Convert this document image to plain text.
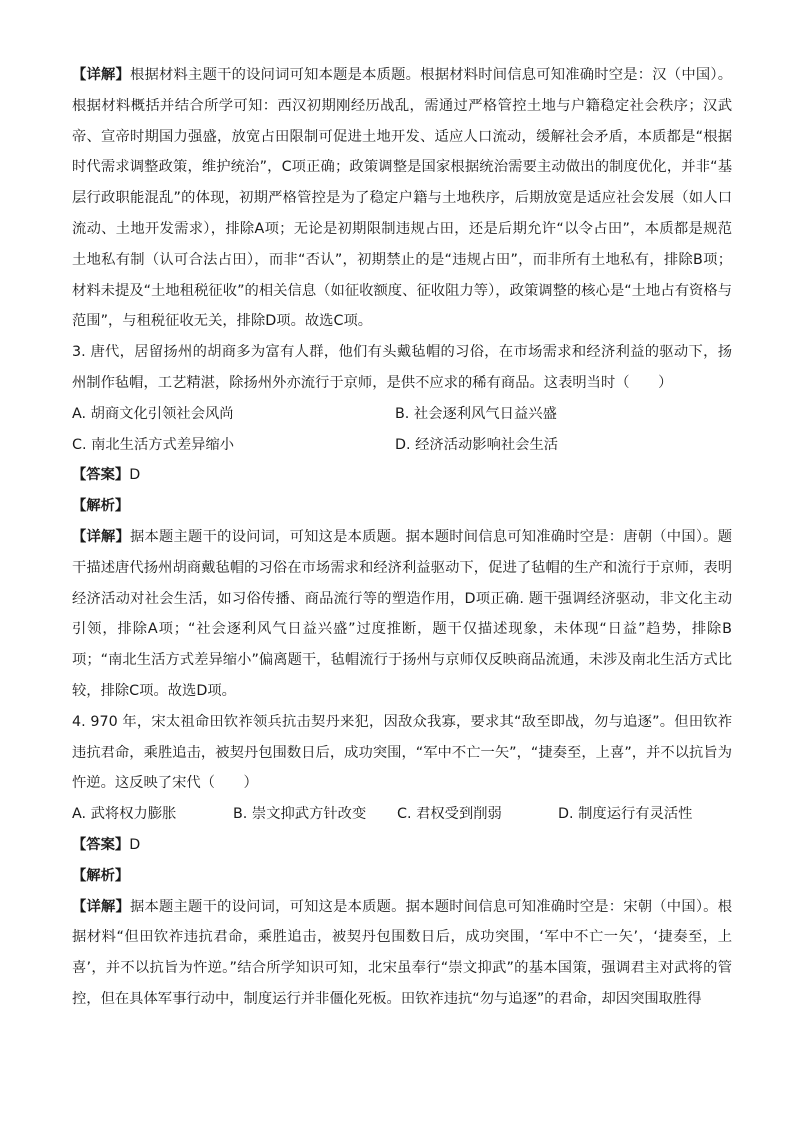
【详解】根据材料主题干的设问词可知本题是本质题。根据材料时间信息可知准确时空是：汉（中国）。根据材料概括并结合所学可知：西汉初期刚经历战乱，需通过严格管控土地与户籍稳定社会秩序；汉武帝、宣帝时期国力强盛，放宽占田限制可促进土地开发、适应人口流动，缓解社会矛盾，本质都是“根据时代需求调整政策，维护统治”，C项正确；政策调整是国家根据统治需要主动做出的制度优化，并非“基层行政职能混乱”的体现，初期严格管控是为了稳定户籍与土地秩序，后期放宽是适应社会发展（如人口流动、土地开发需求），排除A项；无论是初期限制违规占田，还是后期允许“以令占田”，本质都是规范土地私有制（认可合法占田），而非“否认”，初期禁止的是“违规占田”，而非所有土地私有，排除B项；材料未提及“土地租税征收”的相关信息（如征收额度、征收阻力等），政策调整的核心是“土地占有资格与范围”，与租税征收无关，排除D项。故选C项。

3. 唐代，居留扬州的胡商多为富有人群，他们有头戴毡帽的习俗，在市场需求和经济利益的驱动下，扬州制作毡帽，工艺精湛，除扬州外亦流行于京师，是供不应求的稀有商品。这表明当时（　　）

A. 胡商文化引领社会风尚	B. 社会逐利风气日益兴盛
C. 南北生活方式差异缩小	D. 经济活动影响社会生活

【答案】D

【解析】

【详解】据本题主题干的设问词，可知这是本质题。据本题时间信息可知准确时空是：唐朝（中国）。题干描述唐代扬州胡商戴毡帽的习俗在市场需求和经济利益驱动下，促进了毡帽的生产和流行于京师，表明经济活动对社会生活，如习俗传播、商品流行等的塑造作用，D项正确. 题干强调经济驱动，非文化主动引领，排除A项；“社会逐利风气日益兴盛”过度推断，题干仅描述现象，未体现“日益”趋势，排除B项；“南北生活方式差异缩小”偏离题干，毡帽流行于扬州与京师仅反映商品流通，未涉及南北生活方式比较，排除C项。故选D项。

4. 970 年，宋太祖命田钦祚领兵抗击契丹来犯，因敌众我寡，要求其“敌至即战，勿与追逐”。但田钦祚违抗君命，乘胜追击，被契丹包围数日后，成功突围，“军中不亡一矢”，“捷奏至，上喜”，并不以抗旨为忤逆。这反映了宋代（　　）

A. 武将权力膨胀	B. 崇文抑武方针改变	C. 君权受到削弱	D. 制度运行有灵活性

【答案】D

【解析】

【详解】据本题主题干的设问词，可知这是本质题。据本题时间信息可知准确时空是：宋朝（中国）。根据材料“但田钦祚违抗君命，乘胜追击，被契丹包围数日后，成功突围，‘军中不亡一矢’，‘捷奏至，上喜’，并不以抗旨为忤逆。”结合所学知识可知，北宋虽奉行“崇文抑武”的基本国策，强调君主对武将的管控，但在具体军事行动中，制度运行并非僵化死板。田钦祚违抗“勿与追逐”的君命，却因突围取胜得
